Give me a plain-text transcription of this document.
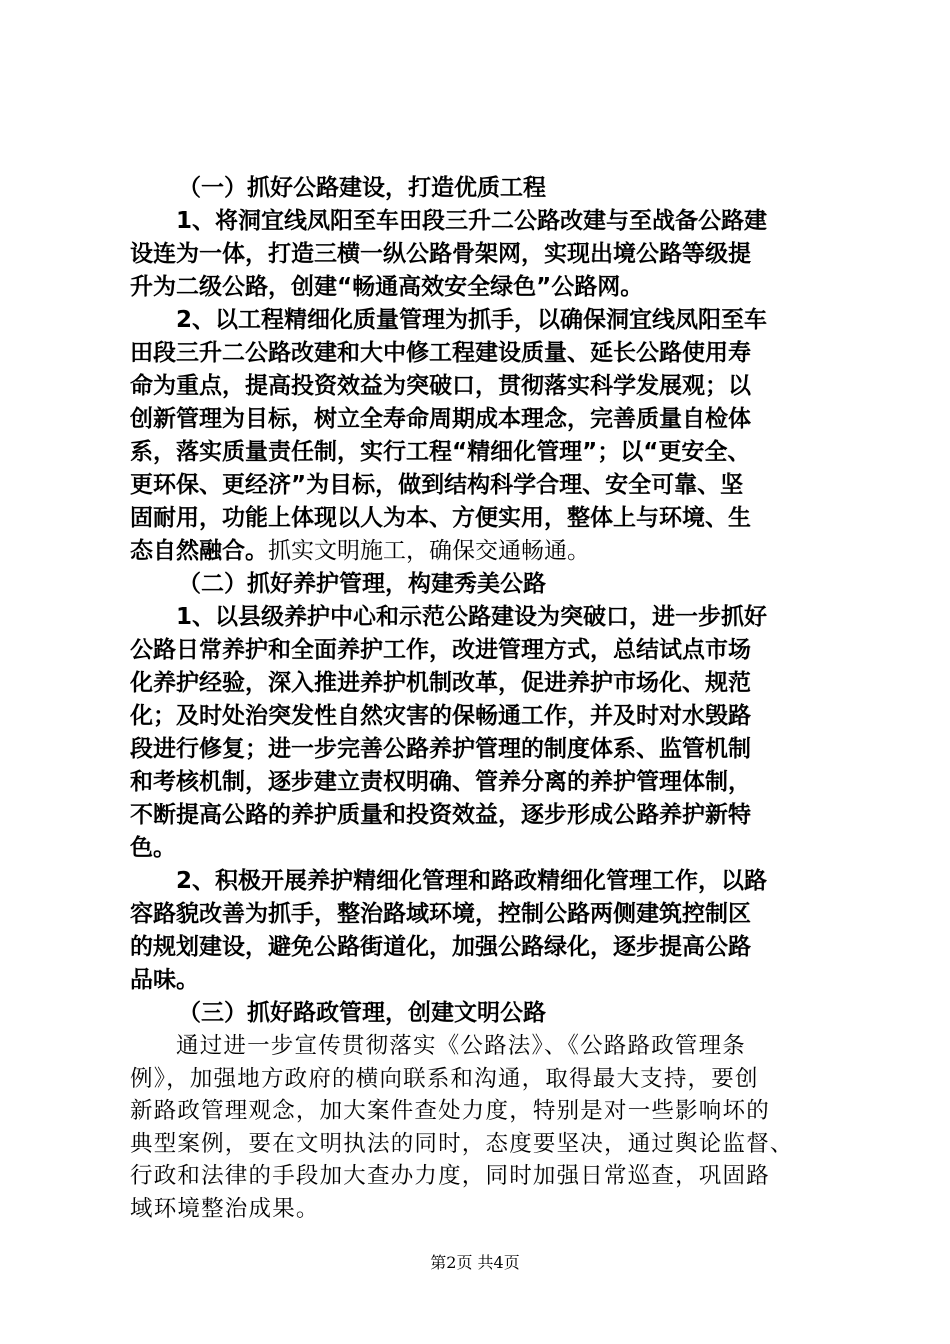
（一）抓好公路建设，打造优质工程
1、将洞宜线凤阳至车田段三升二公路改建与至战备公路建
设连为一体，打造三横一纵公路骨架网，实现出境公路等级提
升为二级公路，创建“畅通高效安全绿色”公路网。
2、以工程精细化质量管理为抓手，以确保洞宜线凤阳至车
田段三升二公路改建和大中修工程建设质量、延长公路使用寿
命为重点，提高投资效益为突破口，贯彻落实科学发展观；以
创新管理为目标，树立全寿命周期成本理念，完善质量自检体
系，落实质量责任制，实行工程“精细化管理”；以“更安全、
更环保、更经济”为目标，做到结构科学合理、安全可靠、坚
固耐用，功能上体现以人为本、方便实用，整体上与环境、生
态自然融合。抓实文明施工，确保交通畅通。
（二）抓好养护管理，构建秀美公路
1、以县级养护中心和示范公路建设为突破口，进一步抓好
公路日常养护和全面养护工作，改进管理方式，总结试点市场
化养护经验，深入推进养护机制改革，促进养护市场化、规范
化；及时处治突发性自然灾害的保畅通工作，并及时对水毁路
段进行修复；进一步完善公路养护管理的制度体系、监管机制
和考核机制，逐步建立责权明确、管养分离的养护管理体制，
不断提高公路的养护质量和投资效益，逐步形成公路养护新特
色。
2、积极开展养护精细化管理和路政精细化管理工作，以路
容路貌改善为抓手，整治路域环境，控制公路两侧建筑控制区
的规划建设，避免公路街道化，加强公路绿化，逐步提高公路
品味。
（三）抓好路政管理，创建文明公路
通过进一步宣传贯彻落实《公路法》、《公路路政管理条
例》，加强地方政府的横向联系和沟通，取得最大支持，要创
新路政管理观念，加大案件查处力度，特别是对一些影响坏的
典型案例，要在文明执法的同时，态度要坚决，通过舆论监督、
行政和法律的手段加大查办力度，同时加强日常巡查，巩固路
域环境整治成果。
第2页 共4页
